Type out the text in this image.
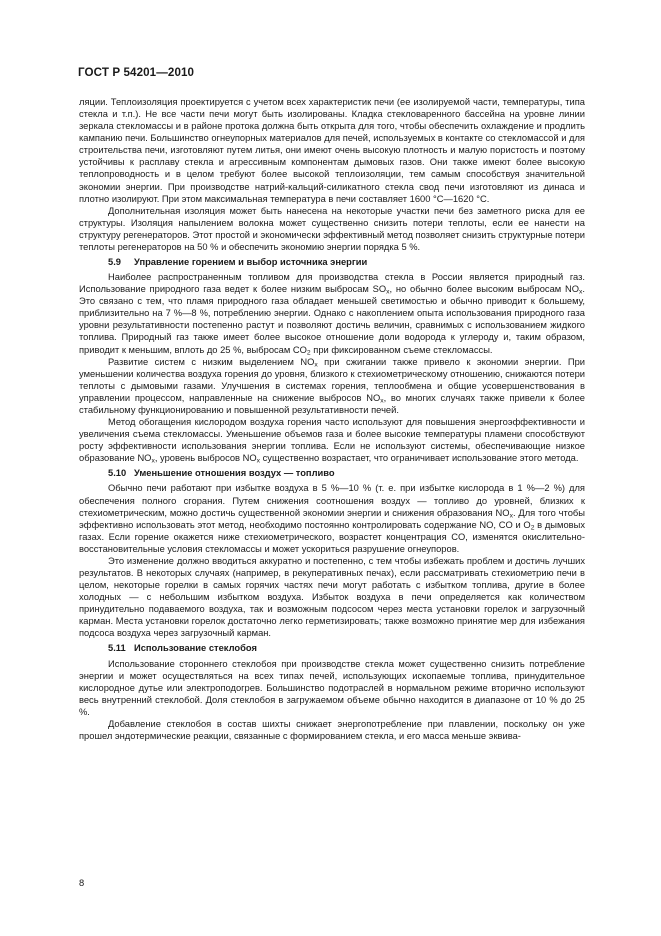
ГОСТ Р 54201—2010

ляции. Теплоизоляция проектируется с учетом всех характеристик печи (ее изолируемой части, температуры, типа стекла и т.п.). Не все части печи могут быть изолированы. Кладка стекловаренного бассейна на уровне линии зеркала стекломассы и в районе протока должна быть открыта для того, чтобы обеспечить охлаждение и продлить кампанию печи. Большинство огнеупорных материалов для печей, используемых в контакте со стекломассой и для строительства печи, изготовляют путем литья, они имеют очень высокую плотность и малую пористость и поэтому устойчивы к расплаву стекла и агрессивным компонентам дымовых газов. Они также имеют более высокую теплопроводность и в целом требуют более высокой теплоизоляции, тем самым способствуя значительной экономии энергии. При производстве натрий-кальций-силикатного стекла свод печи изготовляют из динаса и плотно изолируют. При этом максимальная температура в печи составляет 1600 °С—1620 °С.

Дополнительная изоляция может быть нанесена на некоторые участки печи без заметного риска для ее структуры. Изоляция напылением волокна может существенно снизить потери теплоты, если ее нанести на структуру регенераторов. Этот простой и экономически эффективный метод позволяет снизить структурные потери теплоты регенераторов на 50 % и обеспечить экономию энергии порядка 5 %.

5.9 Управление горением и выбор источника энергии

Наиболее распространенным топливом для производства стекла в России является природный газ. Использование природного газа ведет к более низким выбросам $SO_x$, но обычно более высоким выбросам $NO_x$. Это связано с тем, что пламя природного газа обладает меньшей светимостью и обычно приводит к большему, приблизительно на 7 %—8 %, потреблению энергии. Однако с накоплением опыта использования природного газа уровни результативности постепенно растут и позволяют достичь величин, сравнимых с использованием жидкого топлива. Природный газ также имеет более высокое отношение доли водорода к углероду и, таким образом, приводит к меньшим, вплоть до 25 %, выбросам $CO_2$ при фиксированном съеме стекломассы.

Развитие систем с низким выделением $NO_x$ при сжигании также привело к экономии энергии. При уменьшении количества воздуха горения до уровня, близкого к стехиометрическому отношению, снижаются потери теплоты с дымовыми газами. Улучшения в системах горения, теплообмена и общие усовершенствования в управлении процессом, направленные на снижение выбросов $NO_x$, во многих случаях также привели к более стабильному функционированию и повышенной результативности печей.

Метод обогащения кислородом воздуха горения часто используют для повышения энергоэффективности и увеличения съема стекломассы. Уменьшение объемов газа и более высокие температуры пламени способствуют росту эффективности использования энергии топлива. Если не используют системы, обеспечивающие низкое образование $NO_x$, уровень выбросов $NO_x$ существенно возрастает, что ограничивает использование этого метода.

5.10 Уменьшение отношения воздух — топливо

Обычно печи работают при избытке воздуха в 5 %—10 % (т. е. при избытке кислорода в 1 %—2 %) для обеспечения полного сгорания. Путем снижения соотношения воздух — топливо до уровней, близких к стехиометрическим, можно достичь существенной экономии энергии и снижения образования $NO_x$. Для того чтобы эффективно использовать этот метод, необходимо постоянно контролировать содержание NO, CO и $O_2$ в дымовых газах. Если горение окажется ниже стехиометрического, возрастет концентрация CO, изменятся окислительно-восстановительные условия стекломассы и может ускориться разрушение огнеупоров.

Это изменение должно вводиться аккуратно и постепенно, с тем чтобы избежать проблем и достичь лучших результатов. В некоторых случаях (например, в рекуперативных печах), если рассматривать стехиометрию печи в целом, некоторые горелки в самых горячих частях печи могут работать с избытком топлива, другие в более холодных — с небольшим избытком воздуха. Избыток воздуха в печи определяется как количеством принудительно подаваемого воздуха, так и возможным подсосом через места установки горелок и загрузочный карман. Места установки горелок достаточно легко герметизировать; также возможно принятие мер для избежания подсоса воздуха через загрузочный карман.

5.11 Использование стеклобоя

Использование стороннего стеклобоя при производстве стекла может существенно снизить потребление энергии и может осуществляться на всех типах печей, использующих ископаемые топлива, принудительное кислородное дутье или электроподогрев. Большинство подотраслей в нормальном режиме вторично используют весь внутренний стеклобой. Доля стеклобоя в загружаемом объеме обычно находится в диапазоне от 10 % до 25 %.

Добавление стеклобоя в состав шихты снижает энергопотребление при плавлении, поскольку он уже прошел эндотермические реакции, связанные с формированием стекла, и его масса меньше эквива-

8
